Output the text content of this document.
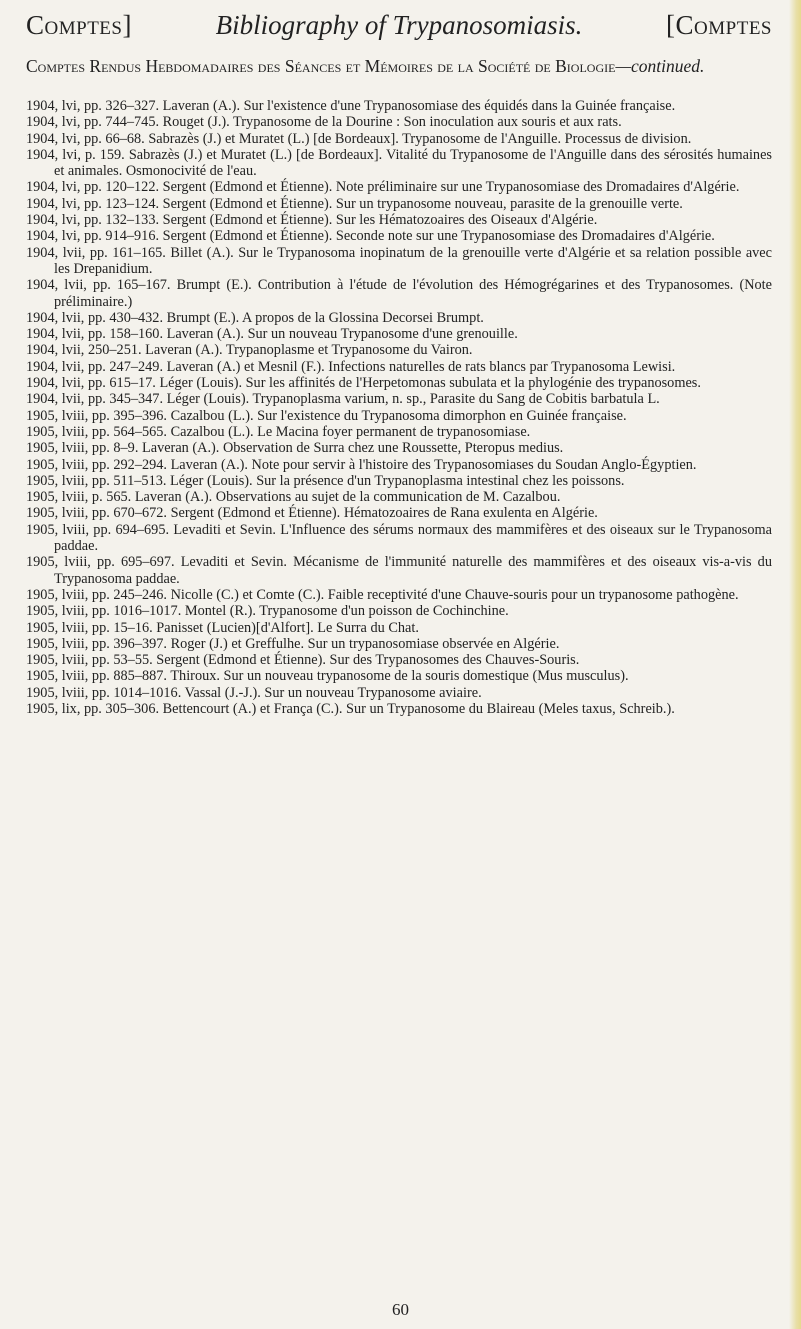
Comptes]	Bibliography of Trypanosomiasis.	[Comptes
Comptes Rendus Hebdomadaires des Séances et Mémoires de la Société de Biologie—continued.

1904, lvi, pp. 326–327. Laveran (A.). Sur l'existence d'une Trypanosomiase des équidés dans la Guinée française.

1904, lvi, pp. 744–745. Rouget (J.). Trypanosome de la Dourine : Son inoculation aux souris et aux rats.

1904, lvi, pp. 66–68. Sabrazès (J.) et Muratet (L.) [de Bordeaux]. Trypanosome de l'Anguille. Processus de division.

1904, lvi, p. 159. Sabrazès (J.) et Muratet (L.) [de Bordeaux]. Vitalité du Trypanosome de l'Anguille dans des sérosités humaines et animales. Osmonocivité de l'eau.

1904, lvi, pp. 120–122. Sergent (Edmond et Étienne). Note préliminaire sur une Trypanosomiase des Dromadaires d'Algérie.

1904, lvi, pp. 123–124. Sergent (Edmond et Étienne). Sur un trypanosome nouveau, parasite de la grenouille verte.

1904, lvi, pp. 132–133. Sergent (Edmond et Étienne). Sur les Hématozoaires des Oiseaux d'Algérie.

1904, lvi, pp. 914–916. Sergent (Edmond et Étienne). Seconde note sur une Trypanosomiase des Dromadaires d'Algérie.

1904, lvii, pp. 161–165. Billet (A.). Sur le Trypanosoma inopinatum de la grenouille verte d'Algérie et sa relation possible avec les Drepanidium.

1904, lvii, pp. 165–167. Brumpt (E.). Contribution à l'étude de l'évolution des Hémogrégarines et des Trypanosomes. (Note préliminaire.)

1904, lvii, pp. 430–432. Brumpt (E.). A propos de la Glossina Decorsei Brumpt.

1904, lvii, pp. 158–160. Laveran (A.). Sur un nouveau Trypanosome d'une grenouille.

1904, lvii, 250–251. Laveran (A.). Trypanoplasme et Trypanosome du Vairon.

1904, lvii, pp. 247–249. Laveran (A.) et Mesnil (F.). Infections naturelles de rats blancs par Trypanosoma Lewisi.

1904, lvii, pp. 615–17. Léger (Louis). Sur les affinités de l'Herpetomonas subulata et la phylogénie des trypanosomes.

1904, lvii, pp. 345–347. Léger (Louis). Trypanoplasma varium, n. sp., Parasite du Sang de Cobitis barbatula L.

1905, lviii, pp. 395–396. Cazalbou (L.). Sur l'existence du Trypanosoma dimorphon en Guinée française.

1905, lviii, pp. 564–565. Cazalbou (L.). Le Macina foyer permanent de trypanosomiase.

1905, lviii, pp. 8–9. Laveran (A.). Observation de Surra chez une Roussette, Pteropus medius.

1905, lviii, pp. 292–294. Laveran (A.). Note pour servir à l'histoire des Trypanosomiases du Soudan Anglo-Égyptien.

1905, lviii, pp. 511–513. Léger (Louis). Sur la présence d'un Trypanoplasma intestinal chez les poissons.

1905, lviii, p. 565. Laveran (A.). Observations au sujet de la communication de M. Cazalbou.

1905, lviii, pp. 670–672. Sergent (Edmond et Étienne). Hématozoaires de Rana exulenta en Algérie.

1905, lviii, pp. 694–695. Levaditi et Sevin. L'Influence des sérums normaux des mammifères et des oiseaux sur le Trypanosoma paddae.

1905, lviii, pp. 695–697. Levaditi et Sevin. Mécanisme de l'immunité naturelle des mammifères et des oiseaux vis-a-vis du Trypanosoma paddae.

1905, lviii, pp. 245–246. Nicolle (C.) et Comte (C.). Faible receptivité d'une Chauve-souris pour un trypanosome pathogène.

1905, lviii, pp. 1016–1017. Montel (R.). Trypanosome d'un poisson de Cochinchine.

1905, lviii, pp. 15–16. Panisset (Lucien)[d'Alfort]. Le Surra du Chat.

1905, lviii, pp. 396–397. Roger (J.) et Greffulhe. Sur un trypanosomiase observée en Algérie.

1905, lviii, pp. 53–55. Sergent (Edmond et Étienne). Sur des Trypanosomes des Chauves-Souris.

1905, lviii, pp. 885–887. Thiroux. Sur un nouveau trypanosome de la souris domestique (Mus musculus).

1905, lviii, pp. 1014–1016. Vassal (J.-J.). Sur un nouveau Trypanosome aviaire.

1905, lix, pp. 305–306. Bettencourt (A.) et França (C.). Sur un Trypanosome du Blaireau (Meles taxus, Schreib.).

60
